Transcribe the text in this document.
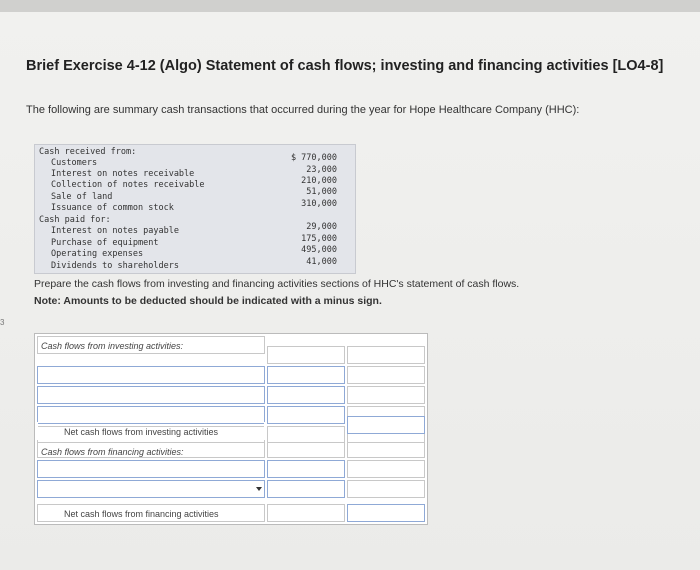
Brief Exercise 4-12 (Algo) Statement of cash flows; investing and financing activities [LO4-8]
The following are summary cash transactions that occurred during the year for Hope Healthcare Company (HHC):
Cash received from:
Customers	$ 770,000
Interest on notes receivable	23,000
Collection of notes receivable	210,000
Sale of land	51,000
Issuance of common stock	310,000
Cash paid for:
Interest on notes payable	29,000
Purchase of equipment	175,000
Operating expenses	495,000
Dividends to shareholders	41,000
Prepare the cash flows from investing and financing activities sections of HHC's statement of cash flows.
Note: Amounts to be deducted should be indicated with a minus sign.
Cash flows from investing activities:
Net cash flows from investing activities
Cash flows from financing activities:
Net cash flows from financing activities
3
